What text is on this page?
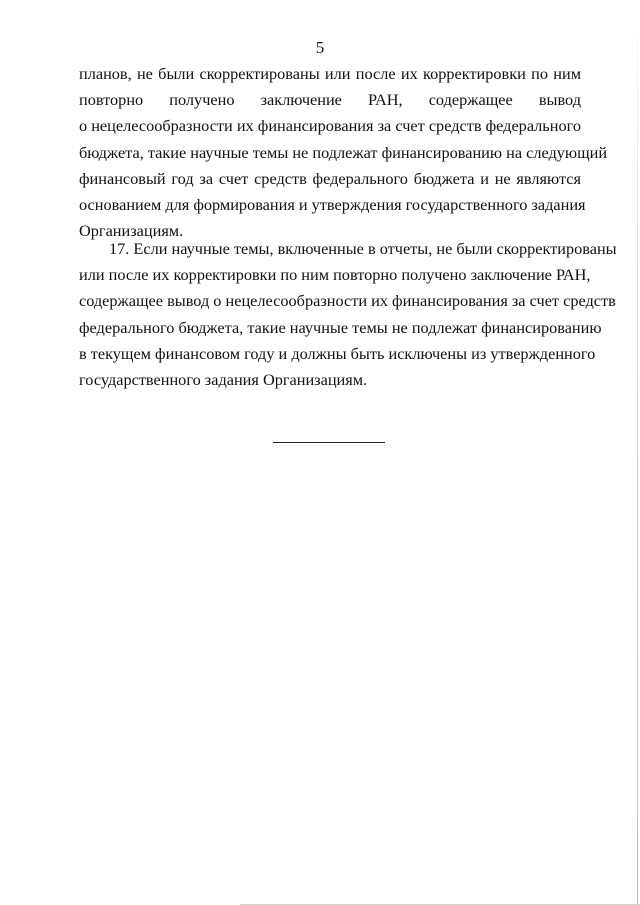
5
планов, не были скорректированы или после их корректировки по ним
повторно получено заключение РАН, содержащее вывод
о нецелесообразности их финансирования за счет средств федерального
бюджета, такие научные темы не подлежат финансированию на следующий
финансовый год за счет средств федерального бюджета и не являются
основанием для формирования и утверждения государственного задания
Организациям.
17. Если научные темы, включенные в отчеты, не были скорректированы
или после их корректировки по ним повторно получено заключение РАН,
содержащее вывод о нецелесообразности их финансирования за счет средств
федерального бюджета, такие научные темы не подлежат финансированию
в текущем финансовом году и должны быть исключены из утвержденного
государственного задания Организациям.
